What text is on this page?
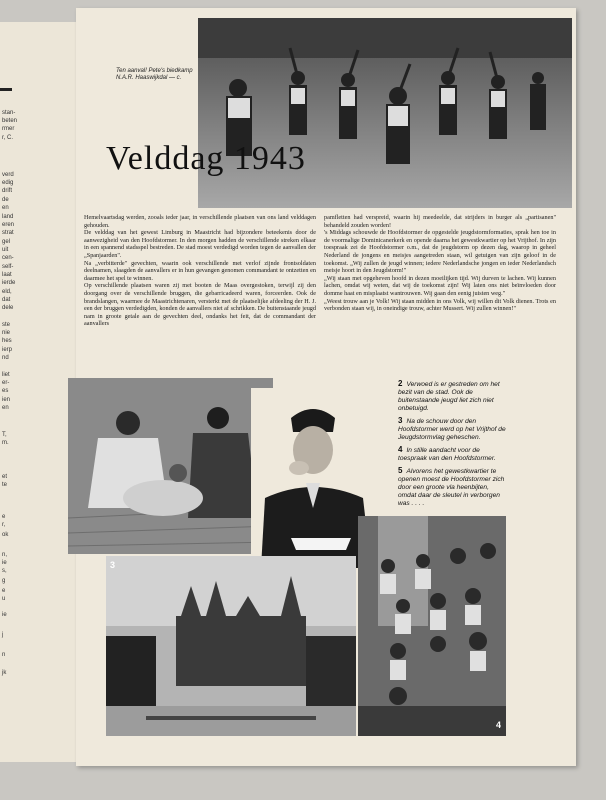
stan-
beten
rmer
r, C.
verd
edig
drift
de
en
land
eren
strat
gel
uit
cen-
self-
laat
ierde
eld,
dat
dele
ste
nie
hes
ierp
nd
liet
er-
es
ien
en
T,
m.
et
te
e
r,
ok
n,
ie
s,
g
e
u
ie
j
n
jk
Ten aanval! Pete's biedkamp N.A.R. Haaswijkdal — c.
Velddag 1943

Hemelvaartsdag werden, zooals ieder jaar, in verschillende plaatsen van ons land velddagen gehouden.

De velddag van het gewest Limburg in Maastricht had bijzondere beteekenis door de aanwezigheid van den Hoofdstormer. In den morgen hadden de verschillende streken elkaar in een spannend stadsspel bestreden. De stad moest verdedigd worden tegen de aanvallen der „Spanjaarden".

Na „verbitterde" gevechten, waarin ook verschillende met verlof zijnde frontsoldaten deelnamen, slaagden de aanvallers er in hun gevangen genomen commandant te ontzetten en daarmee het spel te winnen.

Op verschillende plaatsen waren zij met booten de Maas overgestoken, terwijl zij den doorgang over de verschillende bruggen, die gebarricadeerd waren, forceerden. Ook de brandslangen, waarmee de Maastrichtenaren, versterkt met de plaatselijke afdeeling der H. J. een der bruggen verdedigden, konden de aanvallers niet af schrikken. De buitenstaande jeugd nam in groote getale aan de gevechten deel, ondanks het feit, dat de commandant der aanvallers

pamfletten had verspreid, waarin hij meedeelde, dat strijders in burger als „partisanen" behandeld zouden worden!

's Middags schouwde de Hoofdstormer de opgestelde jeugdstormformaties, sprak hen toe in de voormalige Dominicanerkerk en opende daarna het gewestkwartier op het Vrijthof. In zijn toespraak zei de Hoofdstormer o.m., dat de jeugdstorm op dezen dag, waarop in geheel Nederland de jongens en meisjes aangetreden staan, wil getuigen van zijn geloof in de toekomst. „Wij zullen de jeugd winnen; iedere Nederlandsche jongen en ieder Nederlandsch meisje hoort in den Jeugdstorm!"

„Wij staan met opgeheven hoofd in dezen moeilijken tijd. Wij durven te lachen. Wij kunnen lachen, omdat wij weten, dat wij de toekomst zijn! Wij laten ons niet beïnvloeden door domme haat en misplaatst wantrouwen. Wij gaan den eenig juisten weg."

„Weest trouw aan je Volk! Wij staan midden in ons Volk, wij willen dit Volk dienen. Trots en verbonden staan wij, in oneindige trouw, achter Mussert. Wij zullen winnen!"

2 Verwoed is er gestreden om het bezit van de stad. Ook de buitenstaande jeugd liet zich niet onbetuigd.
3 Na de schouw door den Hoofdstormer werd op het Vrijthof de Jeugdstormvlag geheschen.
4 In stille aandacht voor de toespraak van den Hoofdstormer.
5 Alvorens het gewestkwartier te openen moest de Hoofdstormer zich door een groote vla heenbijten, omdat daar de sleutel in verborgen was . . . .
3
4
